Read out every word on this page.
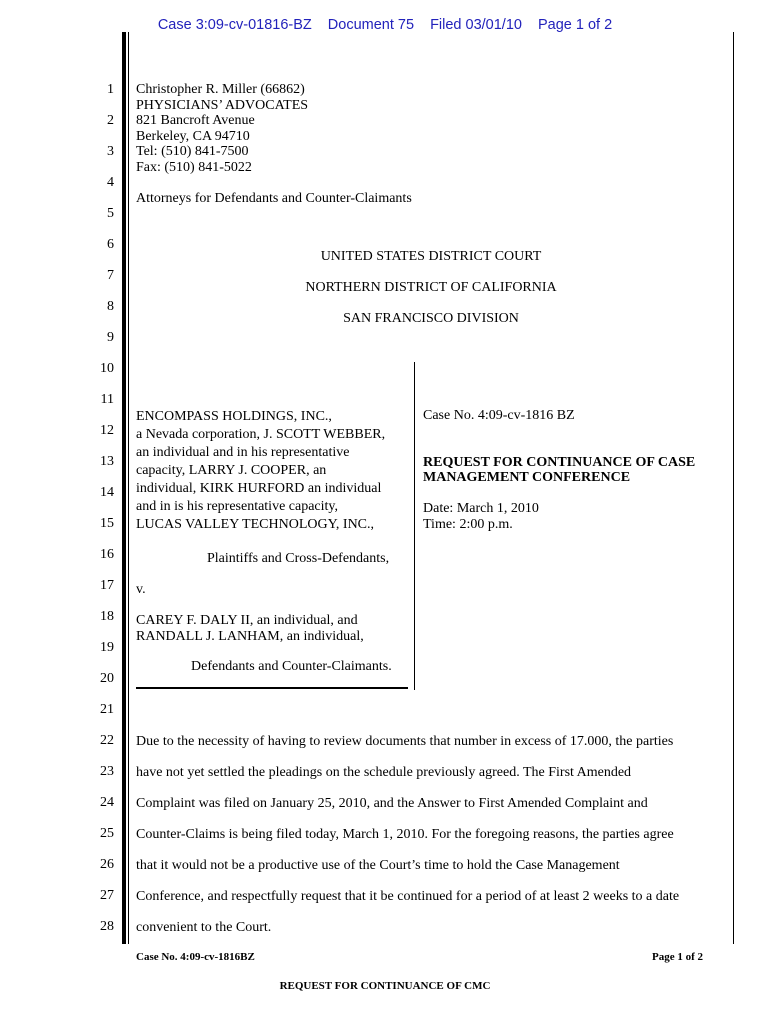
Case 3:09-cv-01816-BZ Document 75 Filed 03/01/10 Page 1 of 2
1
2
3
4
5
6
7
8
9
10
11
12
13
14
15
16
17
18
19
20
21
22
23
24
25
26
27
28
Christopher R. Miller (66862)
PHYSICIANS’ ADVOCATES
821 Bancroft Avenue
Berkeley, CA 94710
Tel: (510) 841-7500
Fax: (510) 841-5022
Attorneys for Defendants and Counter-Claimants
UNITED STATES DISTRICT COURT
NORTHERN DISTRICT OF CALIFORNIA
SAN FRANCISCO DIVISION
ENCOMPASS HOLDINGS, INC.,
a Nevada corporation, J. SCOTT WEBBER,
an individual and in his representative
capacity, LARRY J. COOPER, an
individual, KIRK HURFORD an individual
and in is his representative capacity,
LUCAS VALLEY TECHNOLOGY, INC.,
Plaintiffs and Cross-Defendants,
v.
CAREY F. DALY II, an individual, and
RANDALL J. LANHAM, an individual,
Defendants and Counter-Claimants.
Case No. 4:09-cv-1816 BZ
REQUEST FOR CONTINUANCE OF CASE
MANAGEMENT CONFERENCE
Date: March 1, 2010
Time: 2:00 p.m.
Due to the necessity of having to review documents that number in excess of 17.000, the parties
have not yet settled the pleadings on the schedule previously agreed. The First Amended
Complaint was filed on January 25, 2010, and the Answer to First Amended Complaint and
Counter-Claims is being filed today, March 1, 2010. For the foregoing reasons, the parties agree
that it would not be a productive use of the Court’s time to hold the Case Management
Conference, and respectfully request that it be continued for a period of at least 2 weeks to a date
convenient to the Court.
Case No. 4:09-cv-1816BZ	Page 1 of 2
REQUEST FOR CONTINUANCE OF CMC
